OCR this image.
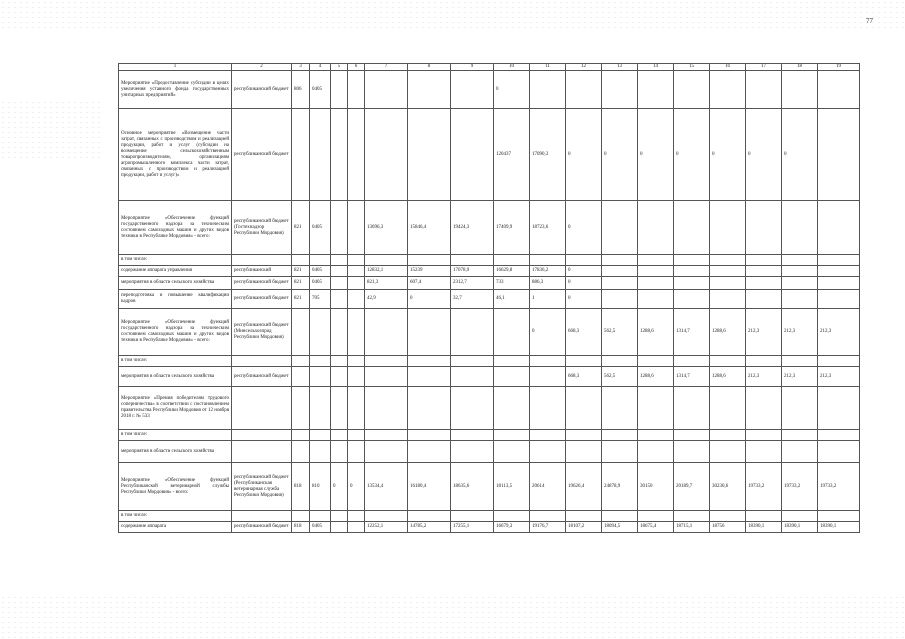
77
1	2	3	4	5	6	7	8	9	10	11	12	13	14	15	16	17	18	19
Мероприятие «Предоставление субсидии в целях увеличения уставного фонда государственных унитарных предприятий»	республиканский бюджет	806	0405						0									
Основное мероприятие «Возмещение части затрат, связанных с производством и реализацией продукции, работ и услуг (субсидии на возмещение сельскохозяйственным товаропроизводителям, организациям агропромышленного комплекса части затрат, связанных с производством и реализацией продукции, работ и услуг)»	республиканский бюджет								120437	17090,3	0	0	0	0	0	0	0	
Мероприятие «Обеспечение функций государственного надзора за техническим состоянием самоходных машин и других видов техники в Республике Мордовия» - всего:	республиканский бюджет (Гостехнадзор Республики Мордовия)	821	0405			13696,3	15846,4	19424,3	17409,9	18723,6	0							
в том числе:																		
содержание аппарата управления	республиканский	821	0405			12832,1	15239	17078,9	16629,8	17836,2	0							
мероприятия в области сельского хозяйства	республиканский бюджет	821	0405			821,3	607,4	2312,7	733	886,3	0							
переподготовка и повышение квалификации кадров	республиканский бюджет	821	705			42,9	0	32,7	46,1	1	0							
Мероприятие «Обеспечение функций государственного надзора за техническим состоянием самоходных машин и других видов техники в Республике Мордовия» - всего:	республиканский бюджет (Минсельхозпрод Республики Мордовия)									0	668,3	562,5	1288,6	1314,7	1288,6	212,3	212,3	212,3
в том числе:																		
мероприятия в области сельского хозяйства	республиканский бюджет										668,3	562,5	1288,6	1314,7	1288,6	212,3	212,3	212,3
Мероприятие «Премия победителям трудового соперничества» в соответствии с постановлением правительства Республики Мордовия от 12 ноября 2018 г. № 533																		
в том числе:																		
мероприятия в области сельского хозяйства																		
Мероприятие «Обеспечение функций Республиканской ветеринарной службы Республики Мордовия» - всего:	республиканский бюджет (Республиканская ветеринарная служба Республики Мордовия)	818	810	0	0	13534,4	16180,4	18635,6	18113,5	20614	19626,4	24878,9	30150	20189,7	30230,6	19733,2	19733,2	19733,2
в том числе:																		
содержание аппарата	республиканский бюджет	818	0405			12252,1	14785,2	17255,1	16679,3	19176,7	18107,2	18094,5	18675,4	18715,1	18756	18390,1	18390,1	18390,1
